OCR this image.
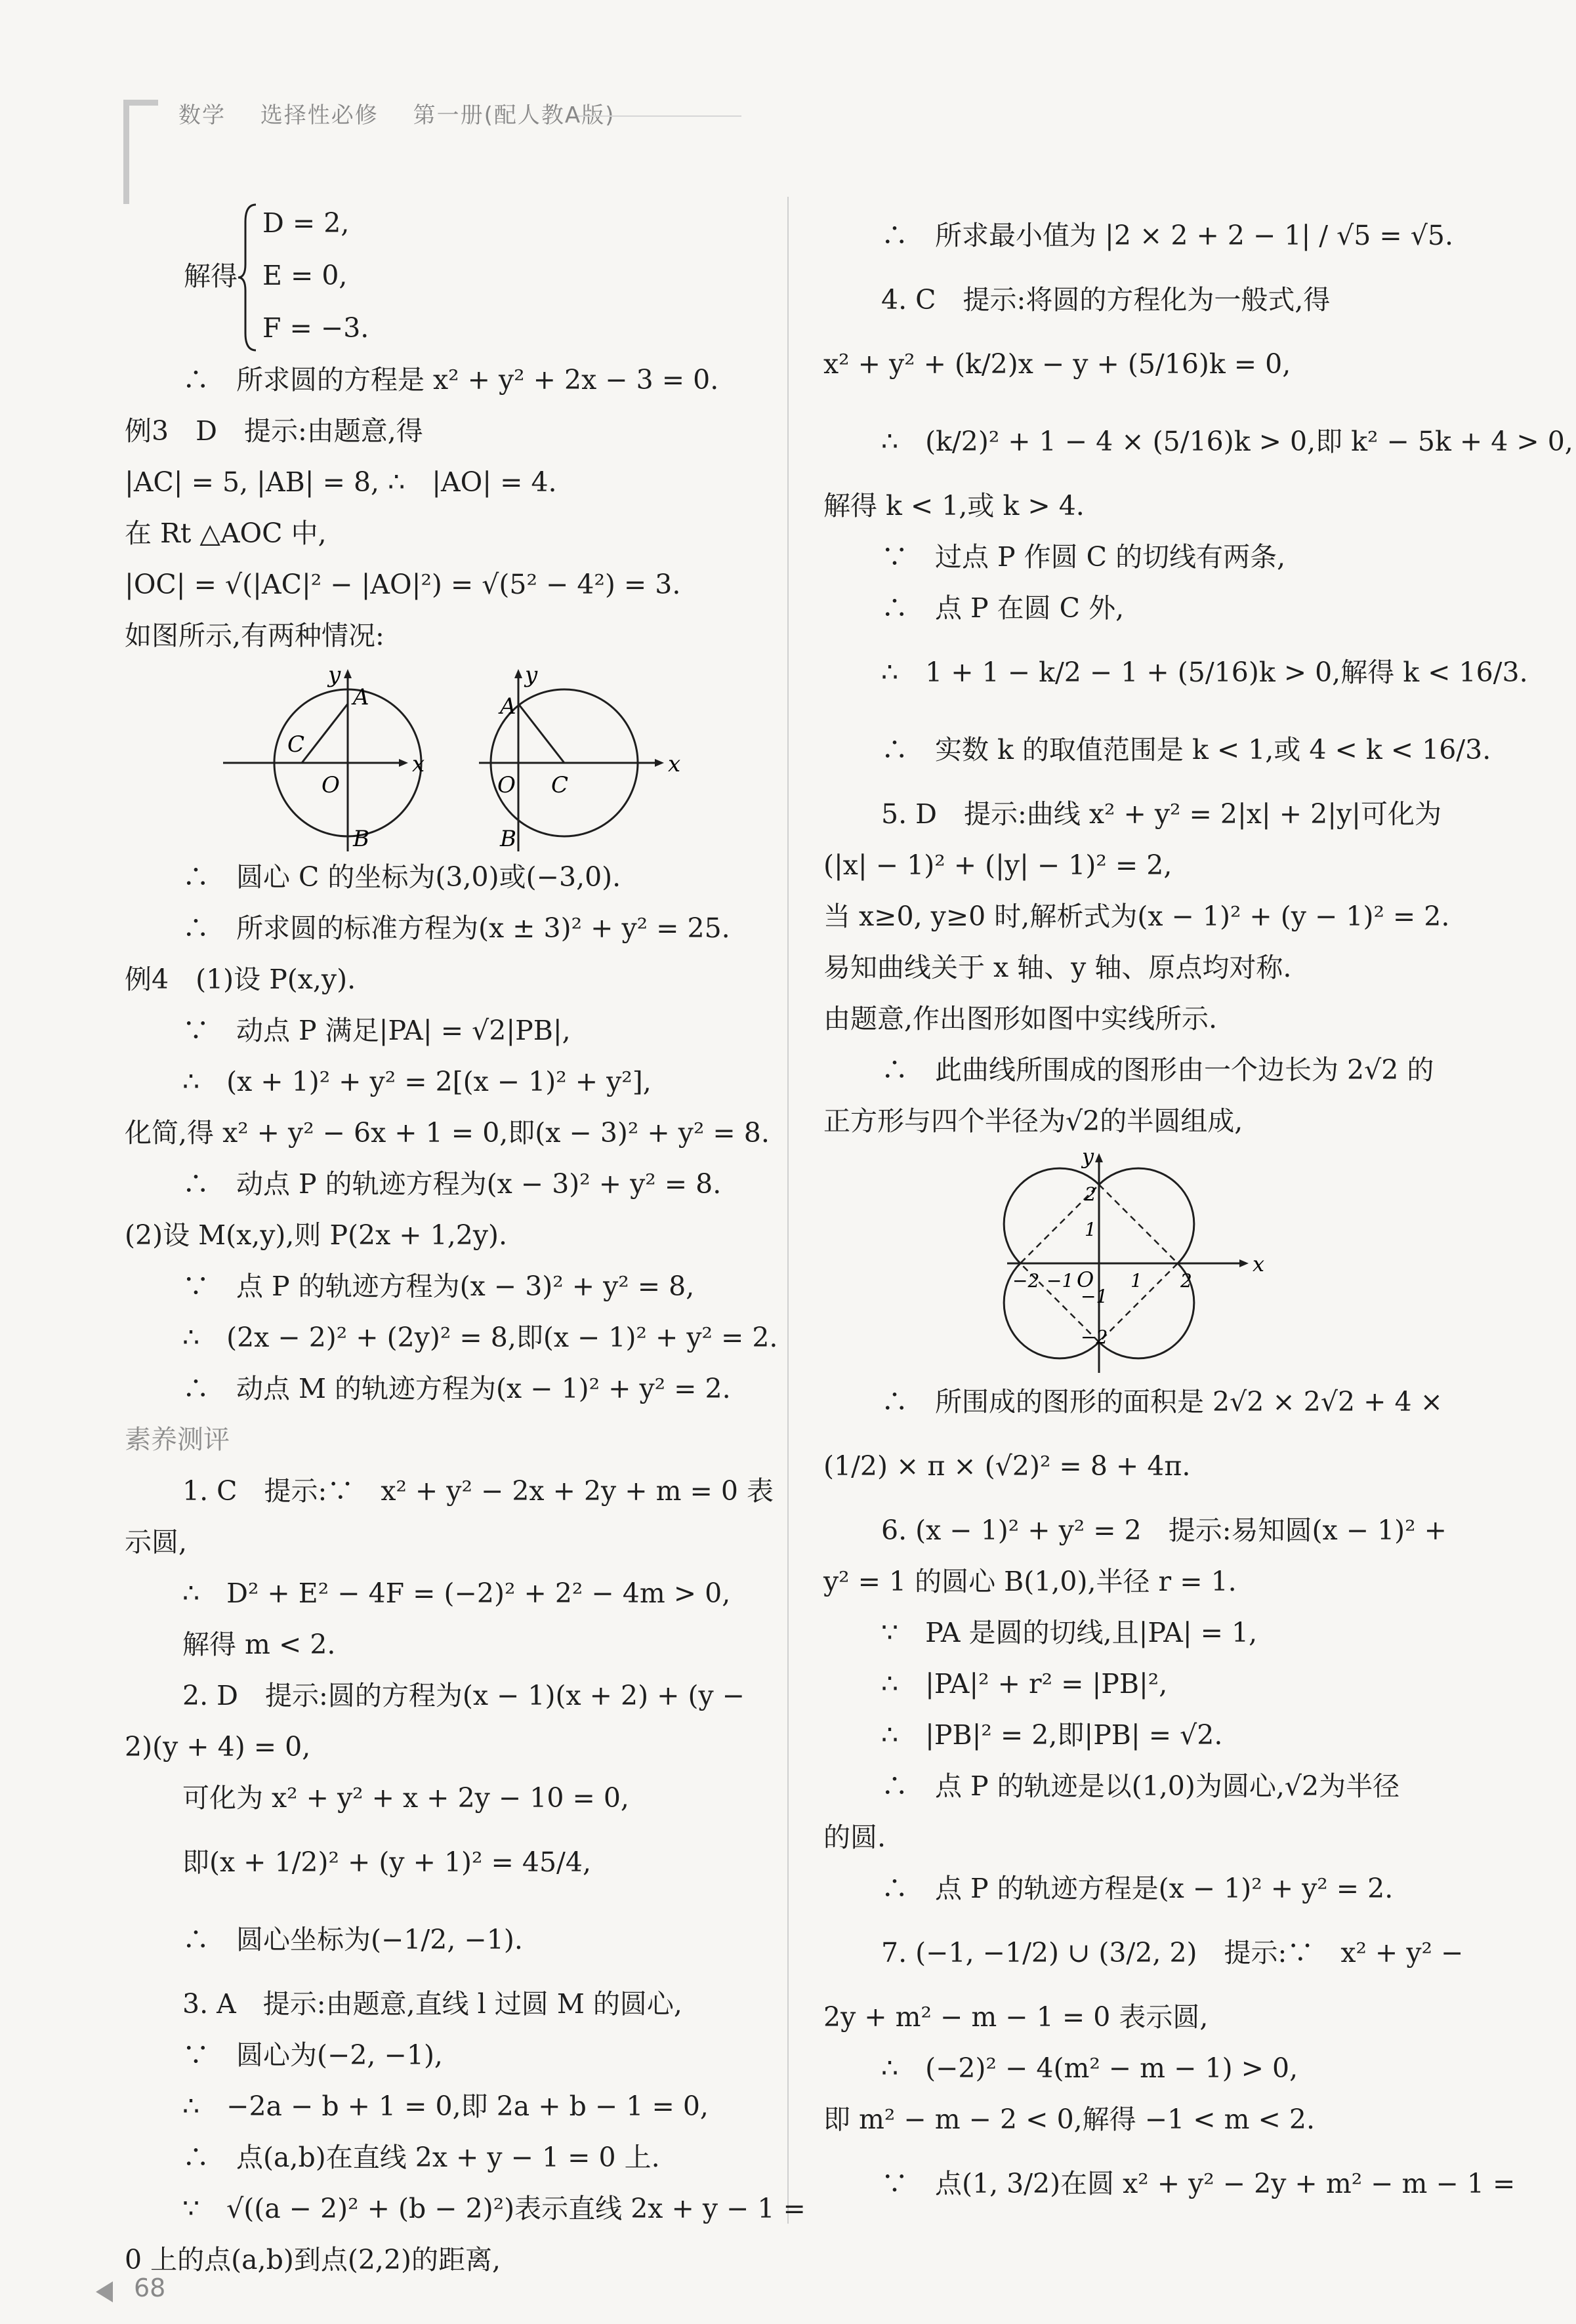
数学 选择性必修 第一册(配人教A版)
解得
D = 2,
E = 0,
F = −3.
∴　所求圆的方程是 x² + y² + 2x − 3 = 0.
例3　D　提示:由题意,得
|AC| = 5, |AB| = 8, ∴　|AO| = 4.
在 Rt △AOC 中,
|OC| = √(|AC|² − |AO|²) = √(5² − 4²) = 3.
如图所示,有两种情况:
y
x
A
B
C
O
y
x
A
B
C
O
∴　圆心 C 的坐标为(3,0)或(−3,0).
∴　所求圆的标准方程为(x ± 3)² + y² = 25.
例4　(1)设 P(x,y).
∵　动点 P 满足|PA| = √2|PB|,
∴　(x + 1)² + y² = 2[(x − 1)² + y²],
化简,得 x² + y² − 6x + 1 = 0,即(x − 3)² + y² = 8.
∴　动点 P 的轨迹方程为(x − 3)² + y² = 8.
(2)设 M(x,y),则 P(2x + 1,2y).
∵　点 P 的轨迹方程为(x − 3)² + y² = 8,
∴　(2x − 2)² + (2y)² = 8,即(x − 1)² + y² = 2.
∴　动点 M 的轨迹方程为(x − 1)² + y² = 2.
素养测评
1. C　提示:∵　x² + y² − 2x + 2y + m = 0 表
示圆,
∴　D² + E² − 4F = (−2)² + 2² − 4m > 0,
解得 m < 2.
2. D　提示:圆的方程为(x − 1)(x + 2) + (y −
2)(y + 4) = 0,
可化为 x² + y² + x + 2y − 10 = 0,
即(x + 1/2)² + (y + 1)² = 45/4,
∴　圆心坐标为(−1/2, −1).
3. A　提示:由题意,直线 l 过圆 M 的圆心,
∵　圆心为(−2, −1),
∴　−2a − b + 1 = 0,即 2a + b − 1 = 0,
∴　点(a,b)在直线 2x + y − 1 = 0 上.
∵　√((a − 2)² + (b − 2)²)表示直线 2x + y − 1 =
0 上的点(a,b)到点(2,2)的距离,
∴　所求最小值为 |2 × 2 + 2 − 1| / √5 = √5.
4. C　提示:将圆的方程化为一般式,得
x² + y² + (k/2)x − y + (5/16)k = 0,
∴　(k/2)² + 1 − 4 × (5/16)k > 0,即 k² − 5k + 4 > 0,
解得 k < 1,或 k > 4.
∵　过点 P 作圆 C 的切线有两条,
∴　点 P 在圆 C 外,
∴　1 + 1 − k/2 − 1 + (5/16)k > 0,解得 k < 16/3.
∴　实数 k 的取值范围是 k < 1,或 4 < k < 16/3.
5. D　提示:曲线 x² + y² = 2|x| + 2|y|可化为
(|x| − 1)² + (|y| − 1)² = 2,
当 x≥0, y≥0 时,解析式为(x − 1)² + (y − 1)² = 2.
易知曲线关于 x 轴、y 轴、原点均对称.
由题意,作出图形如图中实线所示.
∴　此曲线所围成的图形由一个边长为 2√2 的
正方形与四个半径为√2的半圆组成,
y
x
O	2
−2	1
−1
2
1
−1
−2
∴　所围成的图形的面积是 2√2 × 2√2 + 4 ×
(1/2) × π × (√2)² = 8 + 4π.
6. (x − 1)² + y² = 2　提示:易知圆(x − 1)² +
y² = 1 的圆心 B(1,0),半径 r = 1.
∵　PA 是圆的切线,且|PA| = 1,
∴　|PA|² + r² = |PB|²,
∴　|PB|² = 2,即|PB| = √2.
∴　点 P 的轨迹是以(1,0)为圆心,√2为半径
的圆.
∴　点 P 的轨迹方程是(x − 1)² + y² = 2.
7. (−1, −1/2) ∪ (3/2, 2)　提示:∵　x² + y² −
2y + m² − m − 1 = 0 表示圆,
∴　(−2)² − 4(m² − m − 1) > 0,
即 m² − m − 2 < 0,解得 −1 < m < 2.
∵　点(1, 3/2)在圆 x² + y² − 2y + m² − m − 1 =
68
